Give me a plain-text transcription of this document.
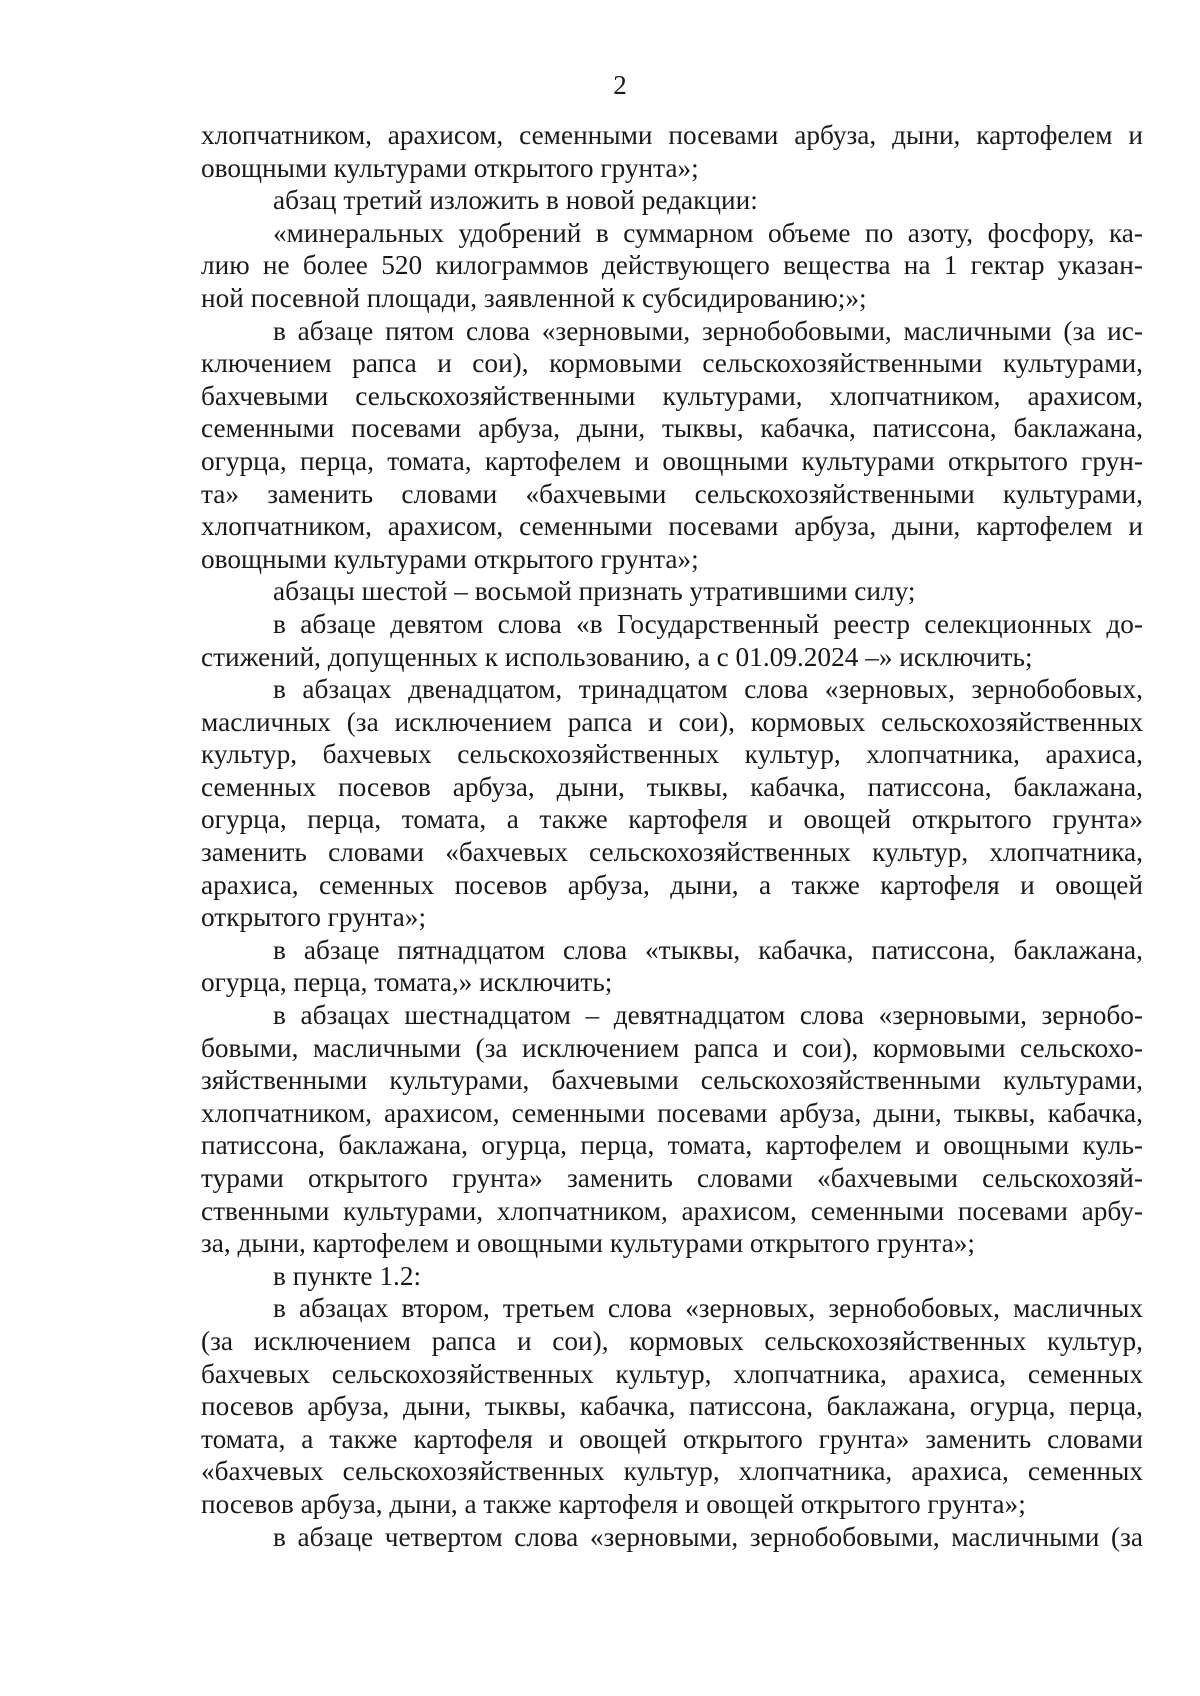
2

хлопчатником, арахисом, семенными посевами арбуза, дыни, картофелем и

овощными культурами открытого грунта»;

абзац третий изложить в новой редакции:

«минеральных удобрений в суммарном объеме по азоту, фосфору, ка-

лию не более 520 килограммов действующего вещества на 1 гектар указан-

ной посевной площади, заявленной к субсидированию;»;

в абзаце пятом слова «зерновыми, зернобобовыми, масличными (за ис-

ключением рапса и сои), кормовыми сельскохозяйственными культурами,

бахчевыми сельскохозяйственными культурами, хлопчатником, арахисом,

семенными посевами арбуза, дыни, тыквы, кабачка, патиссона, баклажана,

огурца, перца, томата, картофелем и овощными культурами открытого грун-

та» заменить словами «бахчевыми сельскохозяйственными культурами,

хлопчатником, арахисом, семенными посевами арбуза, дыни, картофелем и

овощными культурами открытого грунта»;

абзацы шестой – восьмой признать утратившими силу;

в абзаце девятом слова «в Государственный реестр селекционных до-

стижений, допущенных к использованию, а с 01.09.2024 –» исключить;

в абзацах двенадцатом, тринадцатом слова «зерновых, зернобобовых,

масличных (за исключением рапса и сои), кормовых сельскохозяйственных

культур, бахчевых сельскохозяйственных культур, хлопчатника, арахиса,

семенных посевов арбуза, дыни, тыквы, кабачка, патиссона, баклажана,

огурца, перца, томата, а также картофеля и овощей открытого грунта»

заменить словами «бахчевых сельскохозяйственных культур, хлопчатника,

арахиса, семенных посевов арбуза, дыни, а также картофеля и овощей

открытого грунта»;

в абзаце пятнадцатом слова «тыквы, кабачка, патиссона, баклажана,

огурца, перца, томата,» исключить;

в абзацах шестнадцатом – девятнадцатом слова «зерновыми, зернобо-

бовыми, масличными (за исключением рапса и сои), кормовыми сельскохо-

зяйственными культурами, бахчевыми сельскохозяйственными культурами,

хлопчатником, арахисом, семенными посевами арбуза, дыни, тыквы, кабачка,

патиссона, баклажана, огурца, перца, томата, картофелем и овощными куль-

турами открытого грунта» заменить словами «бахчевыми сельскохозяй-

ственными культурами, хлопчатником, арахисом, семенными посевами арбу-

за, дыни, картофелем и овощными культурами открытого грунта»;

в пункте 1.2:

в абзацах втором, третьем слова «зерновых, зернобобовых, масличных

(за исключением рапса и сои), кормовых сельскохозяйственных культур,

бахчевых сельскохозяйственных культур, хлопчатника, арахиса, семенных

посевов арбуза, дыни, тыквы, кабачка, патиссона, баклажана, огурца, перца,

томата, а также картофеля и овощей открытого грунта» заменить словами

«бахчевых сельскохозяйственных культур, хлопчатника, арахиса, семенных

посевов арбуза, дыни, а также картофеля и овощей открытого грунта»;

в абзаце четвертом слова «зерновыми, зернобобовыми, масличными (за
